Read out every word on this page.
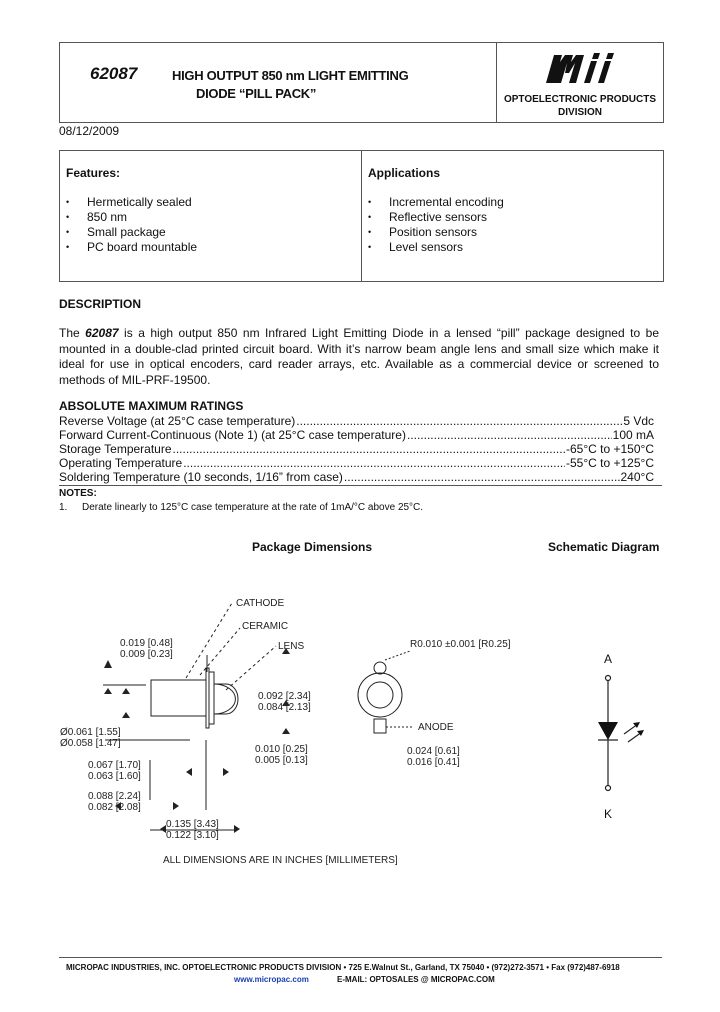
62087	HIGH OUTPUT 850 nm LIGHT EMITTING
DIODE “PILL PACK”	OPTOELECTRONIC PRODUCTS
DIVISION
08/12/2009
Features:
• Hermetically sealed
• 850 nm
• Small package
• PC board mountable
Applications
• Incremental encoding
• Reflective sensors
• Position sensors
• Level sensors
DESCRIPTION
The 62087 is a high output 850 nm Infrared Light Emitting Diode in a lensed “pill” package designed to be mounted in a double-clad printed circuit board. With it’s narrow beam angle lens and small size which make it ideal for use in optical encoders, card reader arrays, etc. Available as a commercial device or screened to methods of MIL-PRF-19500.
ABSOLUTE MAXIMUM RATINGS
Reverse Voltage (at 25°C case temperature) .....	5 Vdc
Forward Current-Continuous (Note 1) (at 25°C case temperature) .....	100 mA
Storage Temperature .....	-65°C to +150°C
Operating Temperature .....	-55°C to +125°C
Soldering Temperature (10 seconds, 1/16” from case) .....	240°C
NOTES:
1. Derate linearly to 125°C case temperature at the rate of 1mA/°C above 25°C.
Package Dimensions	Schematic Diagram
CATHODE
CERAMIC
LENS
0.019 [0.48]
0.009 [0.23]
Ø0.061 [1.55]
Ø0.058 [1.47]
0.092 [2.34]
0.084 [2.13]
0.010 [0.25]
0.005 [0.13]
0.067 [1.70]
0.063 [1.60]
0.088 [2.24]
0.082 [2.08]
0.135 [3.43]
0.122 [3.10]
R0.010 ±0.001 [R0.25]
ANODE
0.024 [0.61]
0.016 [0.41]
ALL DIMENSIONS ARE IN INCHES [MILLIMETERS]
A
K
MICROPAC INDUSTRIES, INC. OPTOELECTRONIC PRODUCTS DIVISION • 725 E.Walnut St., Garland, TX 75040 • (972)272-3571 • Fax (972)487-6918
www.micropac.com	E-MAIL: OPTOSALES @ MICROPAC.COM
